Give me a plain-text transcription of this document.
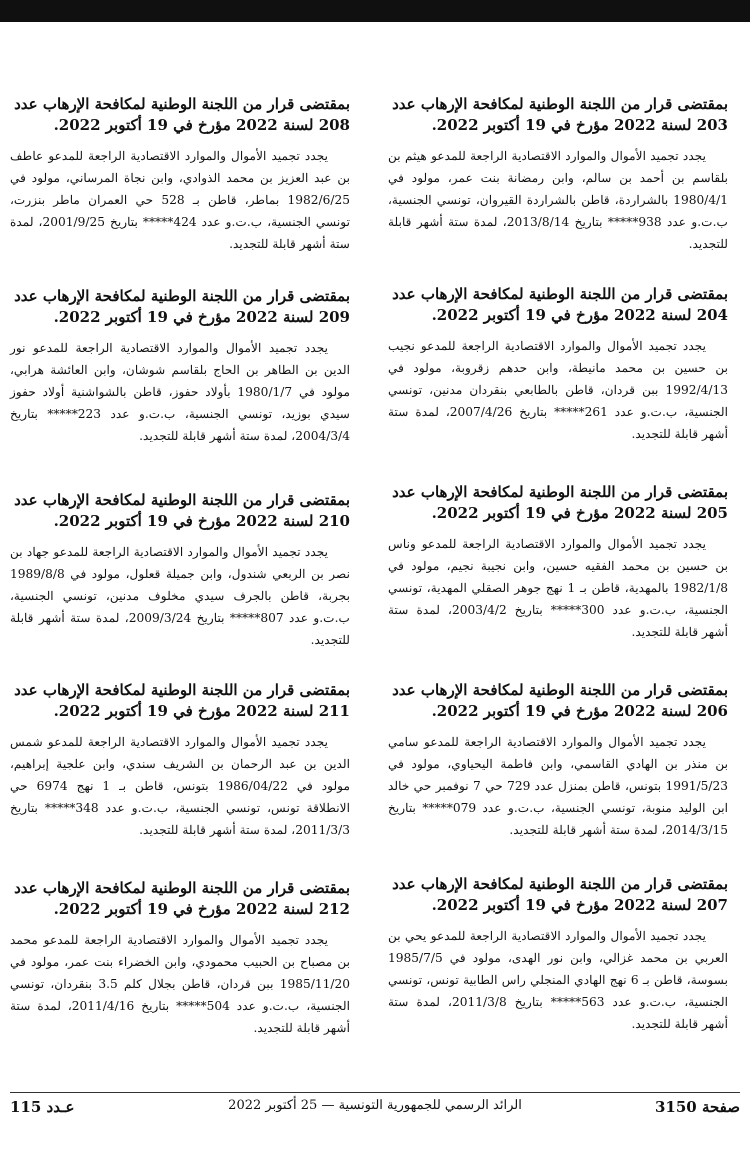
بمقتضى قرار من اللجنة الوطنية لمكافحة الإرهاب عدد 203 لسنة 2022 مؤرخ في 19 أكتوبر 2022.

يجدد تجميد الأموال والموارد الاقتصادية الراجعة للمدعو هيثم بن بلقاسم بن أحمد بن سالم، وابن رمضانة بنت عمر، مولود في 1980/4/1 بالشراردة، قاطن بالشراردة القيروان، تونسي الجنسية، ب.ت.و عدد 938***** بتاريخ 2013/8/14، لمدة ستة أشهر قابلة للتجديد.

بمقتضى قرار من اللجنة الوطنية لمكافحة الإرهاب عدد 204 لسنة 2022 مؤرخ في 19 أكتوبر 2022.

يجدد تجميد الأموال والموارد الاقتصادية الراجعة للمدعو نجيب بن حسين بن محمد مانيطة، وابن حدهم زقروبة، مولود في 1992/4/13 ببن قردان، قاطن بالطابعي بنقردان مدنين، تونسي الجنسية، ب.ت.و عدد 261***** بتاريخ 2007/4/26، لمدة ستة أشهر قابلة للتجديد.

بمقتضى قرار من اللجنة الوطنية لمكافحة الإرهاب عدد 205 لسنة 2022 مؤرخ في 19 أكتوبر 2022.

يجدد تجميد الأموال والموارد الاقتصادية الراجعة للمدعو وناس بن حسين بن محمد الفقيه حسين، وابن نجيبة نجيم، مولود في 1982/1/8 بالمهدية، قاطن بـ 1 نهج جوهر الصقلي المهدية، تونسي الجنسية، ب.ت.و عدد 300***** بتاريخ 2003/4/2، لمدة ستة أشهر قابلة للتجديد.

بمقتضى قرار من اللجنة الوطنية لمكافحة الإرهاب عدد 206 لسنة 2022 مؤرخ في 19 أكتوبر 2022.

يجدد تجميد الأموال والموارد الاقتصادية الراجعة للمدعو سامي بن منذر بن الهادي القاسمي، وابن فاطمة اليحياوي، مولود في 1991/5/23 بتونس، قاطن بمنزل عدد 729 حي 7 نوفمبر حي خالد ابن الوليد منوبة، تونسي الجنسية، ب.ت.و عدد 079***** بتاريخ 2014/3/15، لمدة ستة أشهر قابلة للتجديد.

بمقتضى قرار من اللجنة الوطنية لمكافحة الإرهاب عدد 207 لسنة 2022 مؤرخ في 19 أكتوبر 2022.

يجدد تجميد الأموال والموارد الاقتصادية الراجعة للمدعو يحي بن العربي بن محمد غزالي، وابن نور الهدى، مولود في 1985/7/5 بسوسة، قاطن بـ 6 نهج الهادي المنجلي راس الطابية تونس، تونسي الجنسية، ب.ت.و عدد 563***** بتاريخ 2011/3/8، لمدة ستة أشهر قابلة للتجديد.

بمقتضى قرار من اللجنة الوطنية لمكافحة الإرهاب عدد 208 لسنة 2022 مؤرخ في 19 أكتوبر 2022.

يجدد تجميد الأموال والموارد الاقتصادية الراجعة للمدعو عاطف بن عبد العزيز بن محمد الذوادي، وابن نجاة المرساني، مولود في 1982/6/25 بماطر، قاطن بـ 528 حي العمران ماطر بنزرت، تونسي الجنسية، ب.ت.و عدد 424***** بتاريخ 2001/9/25، لمدة ستة أشهر قابلة للتجديد.

بمقتضى قرار من اللجنة الوطنية لمكافحة الإرهاب عدد 209 لسنة 2022 مؤرخ في 19 أكتوبر 2022.

يجدد تجميد الأموال والموارد الاقتصادية الراجعة للمدعو نور الدين بن الطاهر بن الحاج بلقاسم شوشان، وابن العائشة هرابي، مولود في 1980/1/7 بأولاد حفوز، قاطن بالشواشنية أولاد حفوز سيدي بوزيد، تونسي الجنسية، ب.ت.و عدد 223***** بتاريخ 2004/3/4، لمدة ستة أشهر قابلة للتجديد.

بمقتضى قرار من اللجنة الوطنية لمكافحة الإرهاب عدد 210 لسنة 2022 مؤرخ في 19 أكتوبر 2022.

يجدد تجميد الأموال والموارد الاقتصادية الراجعة للمدعو جهاد بن نصر بن الربعي شندول، وابن جميلة قعلول، مولود في 1989/8/8 بجربة، قاطن بالجرف سيدي مخلوف مدنين، تونسي الجنسية، ب.ت.و عدد 807***** بتاريخ 2009/3/24، لمدة ستة أشهر قابلة للتجديد.

بمقتضى قرار من اللجنة الوطنية لمكافحة الإرهاب عدد 211 لسنة 2022 مؤرخ في 19 أكتوبر 2022.

يجدد تجميد الأموال والموارد الاقتصادية الراجعة للمدعو شمس الدين بن عبد الرحمان بن الشريف سندي، وابن علجية إبراهيم، مولود في 1986/04/22 بتونس، قاطن بـ 1 نهج 6974 حي الانطلاقة تونس، تونسي الجنسية، ب.ت.و عدد 348***** بتاريخ 2011/3/3، لمدة ستة أشهر قابلة للتجديد.

بمقتضى قرار من اللجنة الوطنية لمكافحة الإرهاب عدد 212 لسنة 2022 مؤرخ في 19 أكتوبر 2022.

يجدد تجميد الأموال والموارد الاقتصادية الراجعة للمدعو محمد بن مصباح بن الحبيب محمودي، وابن الخضراء بنت عمر، مولود في 1985/11/20 ببن قردان، قاطن بجلال كلم 3.5 بنقردان، تونسي الجنسية، ب.ت.و عدد 504***** بتاريخ 2011/4/16، لمدة ستة أشهر قابلة للتجديد.

صفحة 3150
الرائد الرسمي للجمهورية التونسية — 25 أكتوبر 2022
عـدد 115
